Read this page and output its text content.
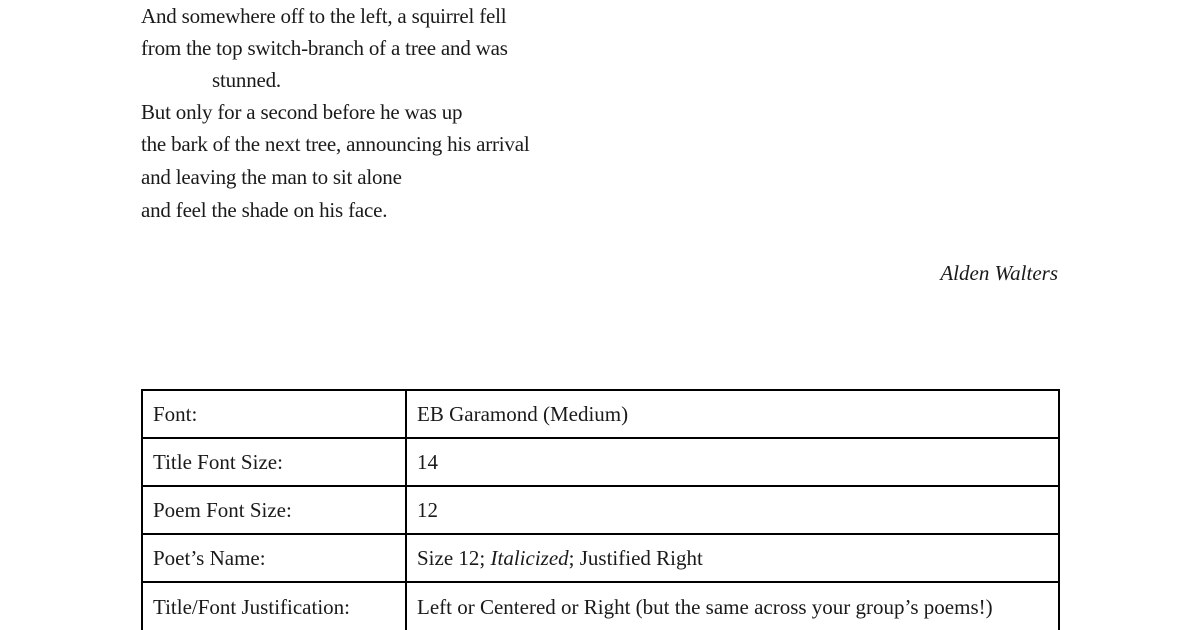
And somewhere off to the left, a squirrel fell
from the top switch-branch of a tree and was
stunned.
But only for a second before he was up
the bark of the next tree, announcing his arrival
and leaving the man to sit alone
and feel the shade on his face.
Alden Walters
Font:	EB Garamond (Medium)
Title Font Size:	14
Poem Font Size:	12
Poet’s Name:	Size 12; Italicized; Justified Right
Title/Font Justification:	Left or Centered or Right (but the same across your group’s poems!)
